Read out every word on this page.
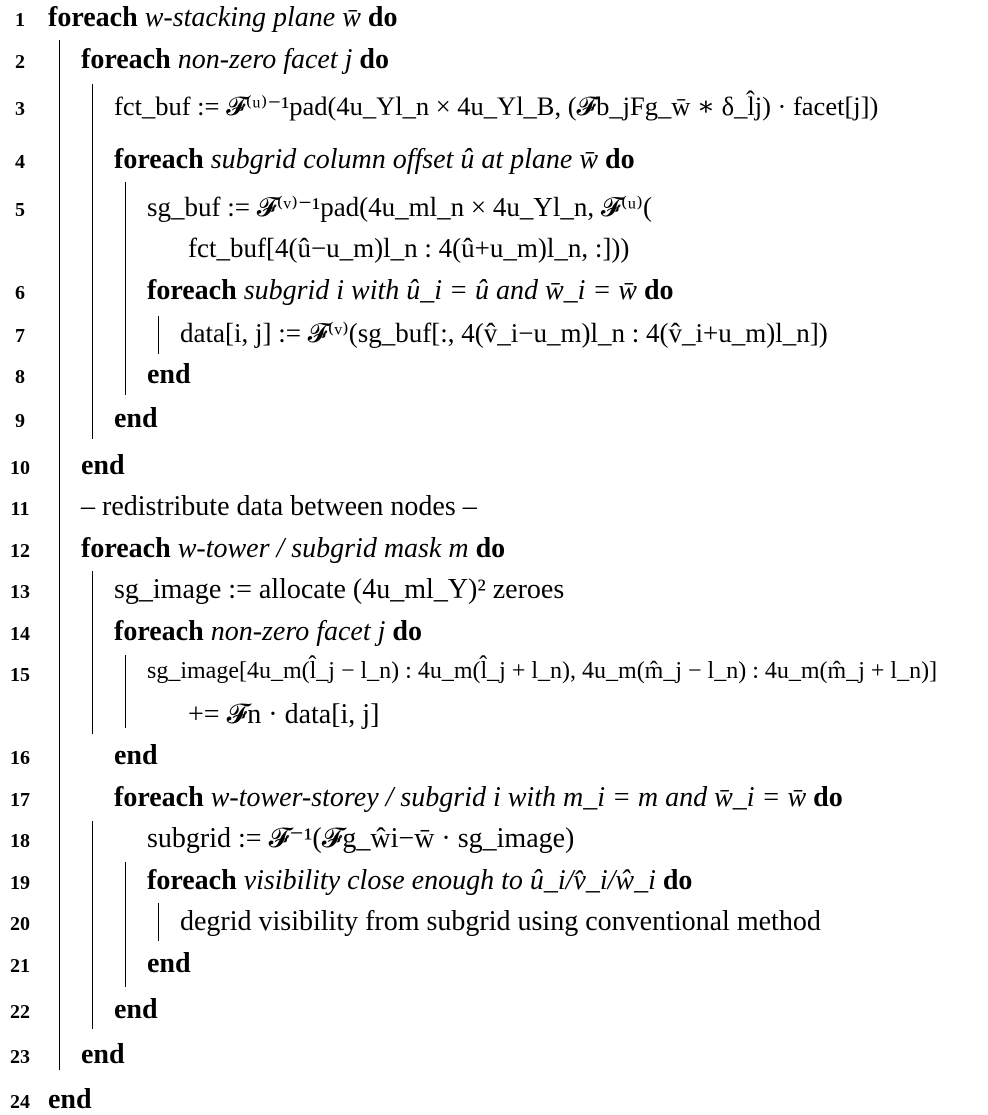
1
2
3
4
5
6
7
8
9
10
11
12
13
14
15
16
17
18
19
20
21
22
23
24
foreach w-stacking plane w̄ do
foreach non-zero facet j do
fct_buf := 𝓕⁽ᵘ⁾⁻¹pad(4u_Υl_n × 4u_Υl_B, (𝓕b_jFg_w̄ ∗ δ_l̂j) · facet[j])
foreach subgrid column offset û at plane w̄ do
sg_buf := 𝓕⁽ᵛ⁾⁻¹pad(4u_ml_n × 4u_Υl_n, 𝓕⁽ᵘ⁾(
fct_buf[4(û−u_m)l_n : 4(û+u_m)l_n, :]))
foreach subgrid i with û_i = û and w̄_i = w̄ do
data[i, j] := 𝓕⁽ᵛ⁾(sg_buf[:, 4(v̂_i−u_m)l_n : 4(v̂_i+u_m)l_n])
end
end
end
– redistribute data between nodes –
foreach w-tower / subgrid mask m do
sg_image := allocate (4u_ml_Υ)² zeroes
foreach non-zero facet j do
sg_image[4u_m(l̂_j − l_n) : 4u_m(l̂_j + l_n), 4u_m(m̂_j − l_n) : 4u_m(m̂_j + l_n)]
+= 𝓕n · data[i, j]
end
foreach w-tower-storey / subgrid i with m_i = m and w̄_i = w̄ do
subgrid := 𝓕⁻¹(𝓕g_ŵi−w̄ · sg_image)
foreach visibility close enough to û_i/v̂_i/ŵ_i do
degrid visibility from subgrid using conventional method
end
end
end
end
